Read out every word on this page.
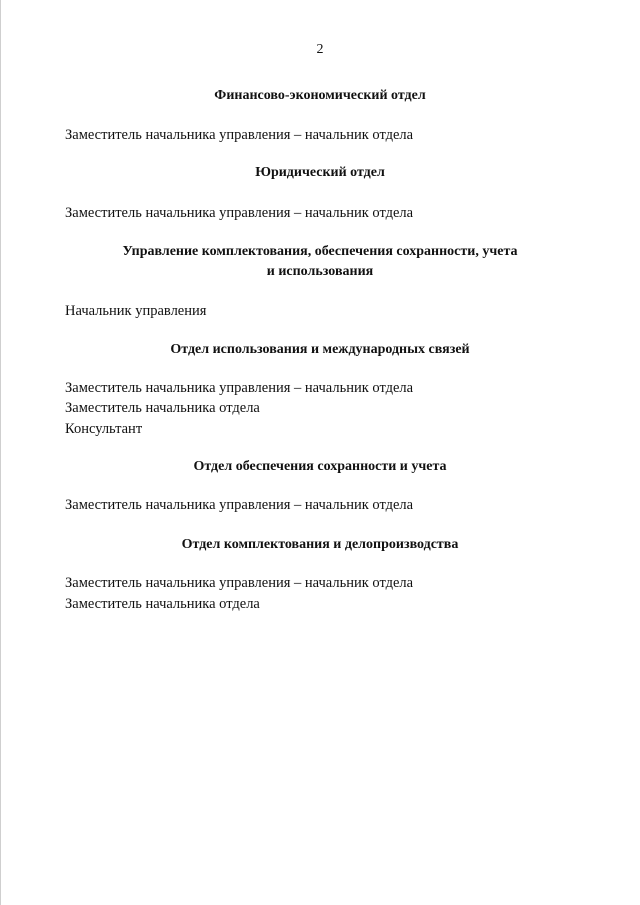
2
Финансово-экономический отдел
Заместитель начальника управления – начальник отдела
Юридический отдел
Заместитель начальника управления – начальник отдела
Управление комплектования, обеспечения сохранности, учета
и использования
Начальник управления
Отдел использования и международных связей
Заместитель начальника управления – начальник отдела
Заместитель начальника отдела
Консультант
Отдел обеспечения сохранности и учета
Заместитель начальника управления – начальник отдела
Отдел комплектования и делопроизводства
Заместитель начальника управления – начальник отдела
Заместитель начальника отдела
